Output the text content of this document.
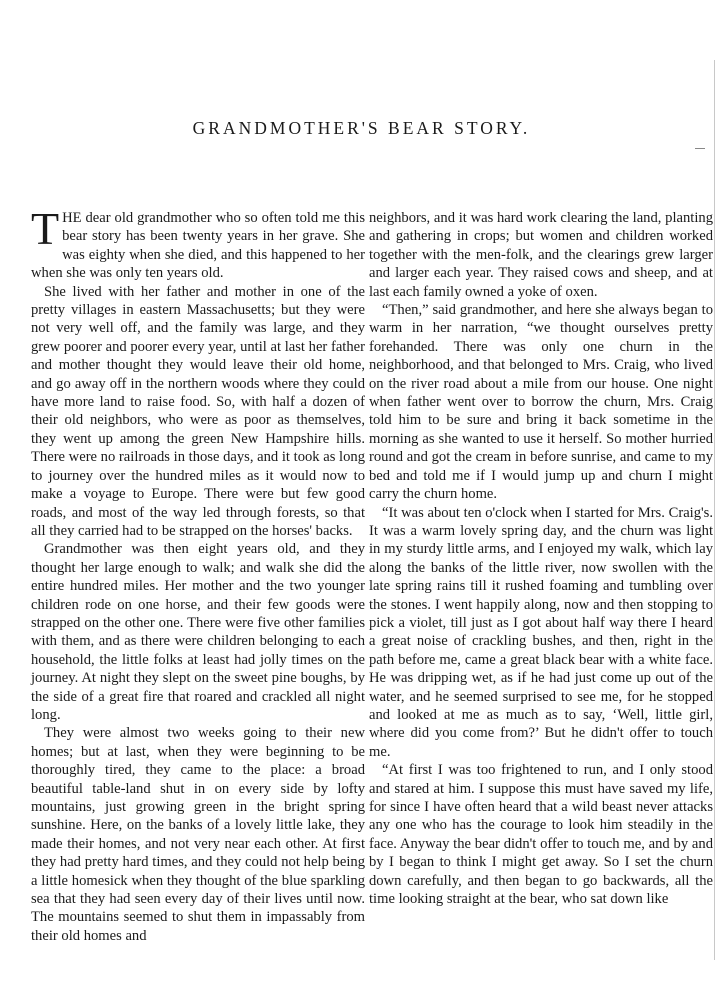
GRANDMOTHER'S BEAR STORY.

THE dear old grandmother who so often told me this bear story has been twenty years in her grave. She was eighty when she died, and this happened to her when she was only ten years old.

She lived with her father and mother in one of the pretty villages in eastern Massachusetts; but they were not very well off, and the family was large, and they grew poorer and poorer every year, until at last her father and mother thought they would leave their old home, and go away off in the northern woods where they could have more land to raise food. So, with half a dozen of their old neighbors, who were as poor as themselves, they went up among the green New Hampshire hills. There were no railroads in those days, and it took as long to journey over the hundred miles as it would now to make a voyage to Europe. There were but few good roads, and most of the way led through forests, so that all they carried had to be strapped on the horses' backs.

Grandmother was then eight years old, and they thought her large enough to walk; and walk she did the entire hundred miles. Her mother and the two younger children rode on one horse, and their few goods were strapped on the other one. There were five other families with them, and as there were children belonging to each household, the little folks at least had jolly times on the journey. At night they slept on the sweet pine boughs, by the side of a great fire that roared and crackled all night long.

They were almost two weeks going to their new homes; but at last, when they were beginning to be thoroughly tired, they came to the place: a broad beautiful table-land shut in on every side by lofty mountains, just growing green in the bright spring sunshine. Here, on the banks of a lovely little lake, they made their homes, and not very near each other. At first they had pretty hard times, and they could not help being a little homesick when they thought of the blue sparkling sea that they had seen every day of their lives until now. The mountains seemed to shut them in impassably from their old homes and

neighbors, and it was hard work clearing the land, planting and gathering in crops; but women and children worked together with the men-folk, and the clearings grew larger and larger each year. They raised cows and sheep, and at last each family owned a yoke of oxen.

“Then,” said grandmother, and here she always began to warm in her narration, “we thought ourselves pretty forehanded. There was only one churn in the neighborhood, and that belonged to Mrs. Craig, who lived on the river road about a mile from our house. One night when father went over to borrow the churn, Mrs. Craig told him to be sure and bring it back sometime in the morning as she wanted to use it herself. So mother hurried round and got the cream in before sunrise, and came to my bed and told me if I would jump up and churn I might carry the churn home.

“It was about ten o'clock when I started for Mrs. Craig's. It was a warm lovely spring day, and the churn was light in my sturdy little arms, and I enjoyed my walk, which lay along the banks of the little river, now swollen with the late spring rains till it rushed foaming and tumbling over the stones. I went happily along, now and then stopping to pick a violet, till just as I got about half way there I heard a great noise of crackling bushes, and then, right in the path before me, came a great black bear with a white face. He was dripping wet, as if he had just come up out of the water, and he seemed surprised to see me, for he stopped and looked at me as much as to say, ‘Well, little girl, where did you come from?’ But he didn't offer to touch me.

“At first I was too frightened to run, and I only stood and stared at him. I suppose this must have saved my life, for since I have often heard that a wild beast never attacks any one who has the courage to look him steadily in the face. Anyway the bear didn't offer to touch me, and by and by I began to think I might get away. So I set the churn down carefully, and then began to go backwards, all the time looking straight at the bear, who sat down like
